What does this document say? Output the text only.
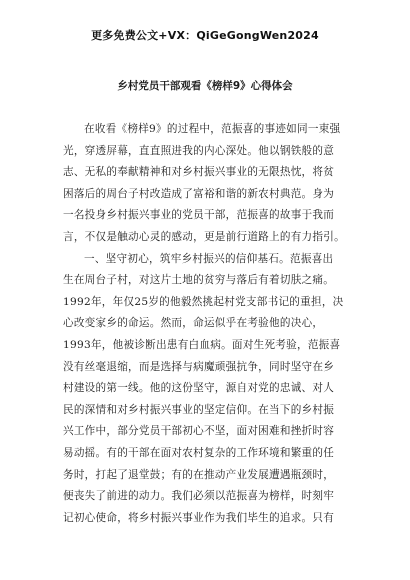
更多免费公文+VX：QiGeGongWen2024
乡村党员干部观看《榜样9》心得体会
在收看《榜样9》的过程中，范振喜的事迹如同一束强
光，穿透屏幕，直直照进我的内心深处。他以钢铁般的意
志、无私的奉献精神和对乡村振兴事业的无限热忱，将贫
困落后的周台子村改造成了富裕和谐的新农村典范。身为
一名投身乡村振兴事业的党员干部，范振喜的故事于我而
言，不仅是触动心灵的感动，更是前行道路上的有力指引。
一、坚守初心，筑牢乡村振兴的信仰基石。范振喜出
生在周台子村，对这片土地的贫穷与落后有着切肤之痛。
1992年，年仅25岁的他毅然挑起村党支部书记的重担，决
心改变家乡的命运。然而，命运似乎在考验他的决心，
1993年，他被诊断出患有白血病。面对生死考验，范振喜
没有丝毫退缩，而是选择与病魔顽强抗争，同时坚守在乡
村建设的第一线。他的这份坚守，源自对党的忠诚、对人
民的深情和对乡村振兴事业的坚定信仰。在当下的乡村振
兴工作中，部分党员干部初心不坚，面对困难和挫折时容
易动摇。有的干部在面对农村复杂的工作环境和繁重的任
务时，打起了退堂鼓；有的在推动产业发展遭遇瓶颈时，
便丧失了前进的动力。我们必须以范振喜为榜样，时刻牢
记初心使命，将乡村振兴事业作为我们毕生的追求。只有
